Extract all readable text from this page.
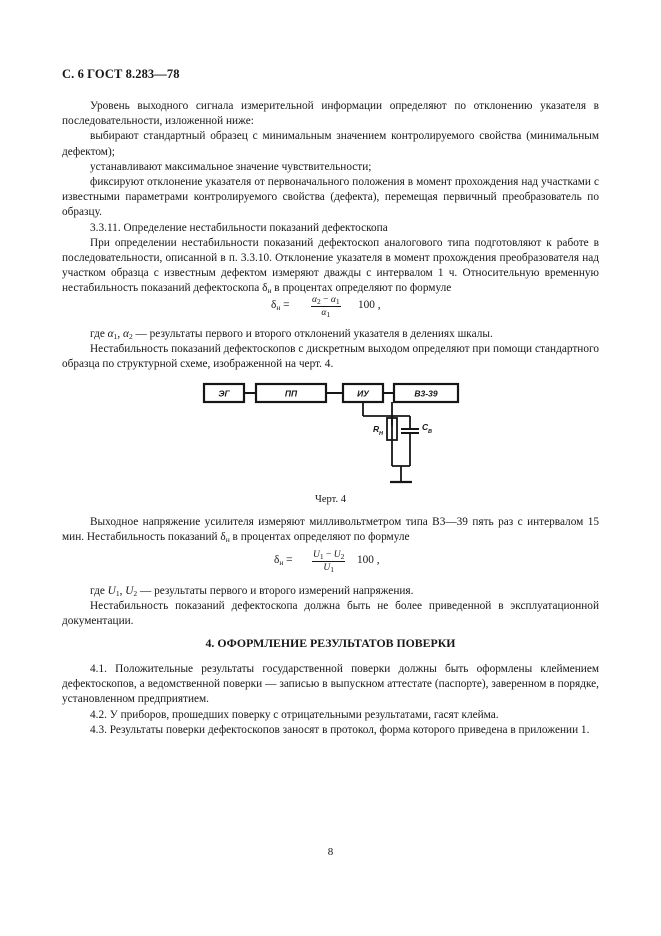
С. 6 ГОСТ 8.283—78

Уровень выходного сигнала измерительной информации определяют по отклонению указателя в последовательности, изложенной ниже:

выбирают стандартный образец с минимальным значением контролируемого свойства (минимальным дефектом);

устанавливают максимальное значение чувствительности;

фиксируют отклонение указателя от первоначального положения в момент прохождения над участками с известными параметрами контролируемого свойства (дефекта), перемещая первичный преобразователь по образцу.

3.3.11. Определение нестабильности показаний дефектоскопа

При определении нестабильности показаний дефектоскоп аналогового типа подготовляют к работе в последовательности, описанной в п. 3.3.10. Отклонение указателя в момент прохождения преобразователя над участком образца с известным дефектом измеряют дважды с интервалом 1 ч. Относительную временную нестабильность показаний дефектоскопа $\delta_н$ в процентах определяют по формуле

$\delta_н = \frac{\alpha_2 - \alpha_1}{\alpha_1} 100$ ,

где $\alpha_1$, $\alpha_2$ — результаты первого и второго отклонений указателя в делениях шкалы.

Нестабильность показаний дефектоскопов с дискретным выходом определяют при помощи стандартного образца по структурной схеме, изображенной на черт. 4.

ЭГ	ПП	ИУ	В3-39
R H
C B

Черт. 4

Выходное напряжение усилителя измеряют милливольтметром типа В3—39 пять раз с интервалом 15 мин. Нестабильность показаний $\delta_н$ в процентах определяют по формуле

$\delta_н = \frac{U_1 - U_2}{U_1} 100$ ,

где $U_1$, $U_2$ — результаты первого и второго измерений напряжения.

Нестабильность показаний дефектоскопа должна быть не более приведенной в эксплуатационной документации.

4. ОФОРМЛЕНИЕ РЕЗУЛЬТАТОВ ПОВЕРКИ

4.1. Положительные результаты государственной поверки должны быть оформлены клеймением дефектоскопов, а ведомственной поверки — записью в выпускном аттестате (паспорте), заверенном в порядке, установленном предприятием.

4.2. У приборов, прошедших поверку с отрицательными результатами, гасят клейма.

4.3. Результаты поверки дефектоскопов заносят в протокол, форма которого приведена в приложении 1.

8
